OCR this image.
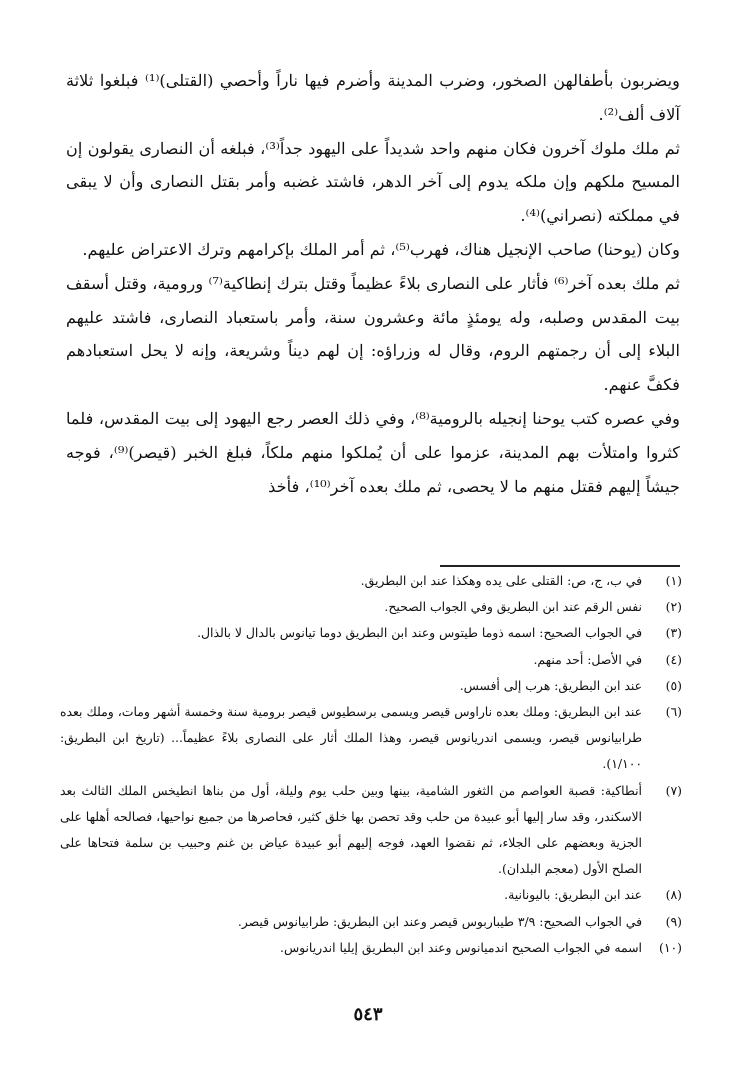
ويضربون بأطفالهن الصخور، وضرب المدينة وأضرم فيها ناراً وأحصي (القتلى)⁽¹⁾ فبلغوا ثلاثة آلاف ألف⁽²⁾.

ثم ملك ملوك آخرون فكان منهم واحد شديداً على اليهود جداً⁽³⁾، فبلغه أن النصارى يقولون إن المسيح ملكهم وإن ملكه يدوم إلى آخر الدهر، فاشتد غضبه وأمر بقتل النصارى وأن لا يبقى في مملكته (نصراني)⁽⁴⁾.

وكان (يوحنا) صاحب الإنجيل هناك، فهرب⁽⁵⁾، ثم أمر الملك بإكرامهم وترك الاعتراض عليهم.

ثم ملك بعده آخر⁽⁶⁾ فأثار على النصارى بلاءً عظيماً وقتل بترك إنطاكية⁽⁷⁾ ورومية، وقتل أسقف بيت المقدس وصلبه، وله يومئذٍ مائة وعشرون سنة، وأمر باستعباد النصارى، فاشتد عليهم البلاء إلى أن رجمتهم الروم، وقال له وزراؤه: إن لهم ديناً وشريعة، وإنه لا يحل استعبادهم فكفَّ عنهم.

وفي عصره كتب يوحنا إنجيله بالرومية⁽⁸⁾، وفي ذلك العصر رجع اليهود إلى بيت المقدس، فلما كثروا وامتلأت بهم المدينة، عزموا على أن يُملكوا منهم ملكاً، فبلغ الخبر (قيصر)⁽⁹⁾، فوجه جيشاً إليهم فقتل منهم ما لا يحصى، ثم ملك بعده آخر⁽¹⁰⁾، فأخذ

(١)
في ب، ج، ص: القتلى على يده وهكذا عند ابن البطريق.
(٢)
نفس الرقم عند ابن البطريق وفي الجواب الصحيح.
(٣)
في الجواب الصحيح: اسمه ذوما طيتوس وعند ابن البطريق دوما تيانوس بالدال لا بالذال.
(٤)
في الأصل: أحد منهم.
(٥)
عند ابن البطريق: هرب إلى أفسس.
(٦)
عند ابن البطريق: وملك بعده ناراوس قيصر ويسمى برسطيوس قيصر برومية سنة وخمسة أشهر ومات، وملك بعده طرابيانوس قيصر، ويسمى اندريانوس قيصر، وهذا الملك أثار على النصارى بلاءً عظيماً... (تاريخ ابن البطريق: ١/١٠٠).
(٧)
أنطاكية: قصبة العواصم من الثغور الشامية، بينها وبين حلب يوم وليلة، أول من بناها انطيخس الملك الثالث بعد الاسكندر، وقد سار إليها أبو عبيدة من حلب وقد تحصن بها خلق كثير، فحاصرها من جميع نواحيها، فصالحه أهلها على الجزية وبعضهم على الجلاء، ثم نقضوا العهد، فوجه إليهم أبو عبيدة عياض بن غنم وحبيب بن سلمة فتحاها على الصلح الأول (معجم البلدان).
(٨)
عند ابن البطريق: باليونانية.
(٩)
في الجواب الصحيح: ٣/٩ طيباربوس قيصر وعند ابن البطريق: طرابيانوس قيصر.
(١٠)
اسمه في الجواب الصحيح اندميانوس وعند ابن البطريق إيليا اندريانوس.
٥٤٣
